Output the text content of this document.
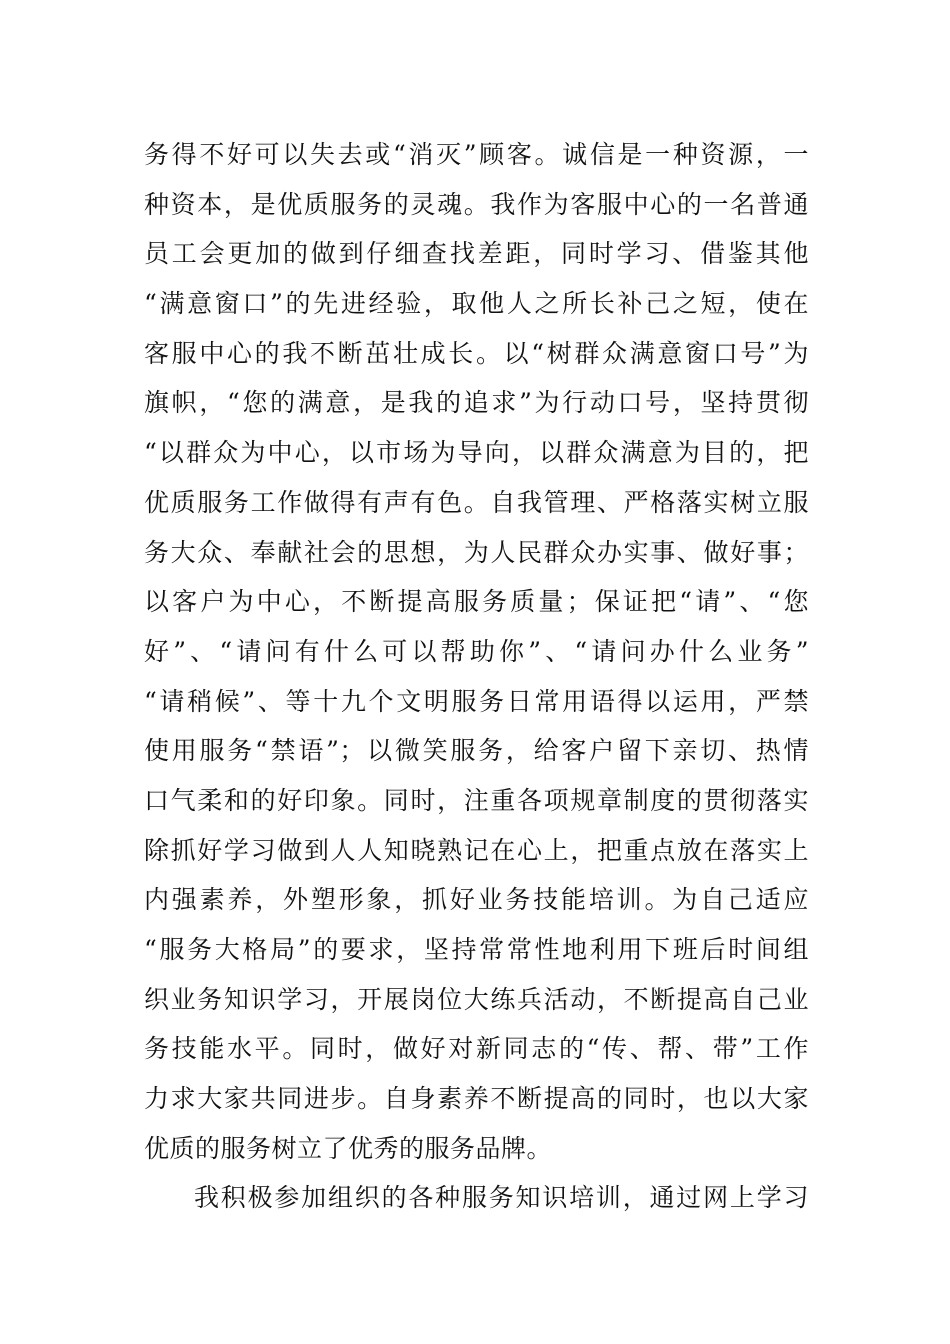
务得不好可以失去或“消灭”顾客。诚信是一种资源，一
种资本，是优质服务的灵魂。我作为客服中心的一名普通
员工会更加的做到仔细查找差距，同时学习、借鉴其他
“满意窗口”的先进经验，取他人之所长补己之短，使在
客服中心的我不断茁壮成长。以“树群众满意窗口号”为
旗帜，“您的满意，是我的追求”为行动口号，坚持贯彻
“以群众为中心，以市场为导向，以群众满意为目的，把
优质服务工作做得有声有色。自我管理、严格落实树立服
务大众、奉献社会的思想，为人民群众办实事、做好事；
以客户为中心，不断提高服务质量；保证把“请”、“您
好”、“请问有什么可以帮助你”、“请问办什么业务”
“请稍候”、等十九个文明服务日常用语得以运用，严禁
使用服务“禁语”；以微笑服务，给客户留下亲切、热情
口气柔和的好印象。同时，注重各项规章制度的贯彻落实
除抓好学习做到人人知晓熟记在心上，把重点放在落实上
内强素养，外塑形象，抓好业务技能培训。为自己适应
“服务大格局”的要求，坚持常常性地利用下班后时间组
织业务知识学习，开展岗位大练兵活动，不断提高自己业
务技能水平。同时，做好对新同志的“传、帮、带”工作
力求大家共同进步。自身素养不断提高的同时，也以大家
优质的服务树立了优秀的服务品牌。
我积极参加组织的各种服务知识培训，通过网上学习
